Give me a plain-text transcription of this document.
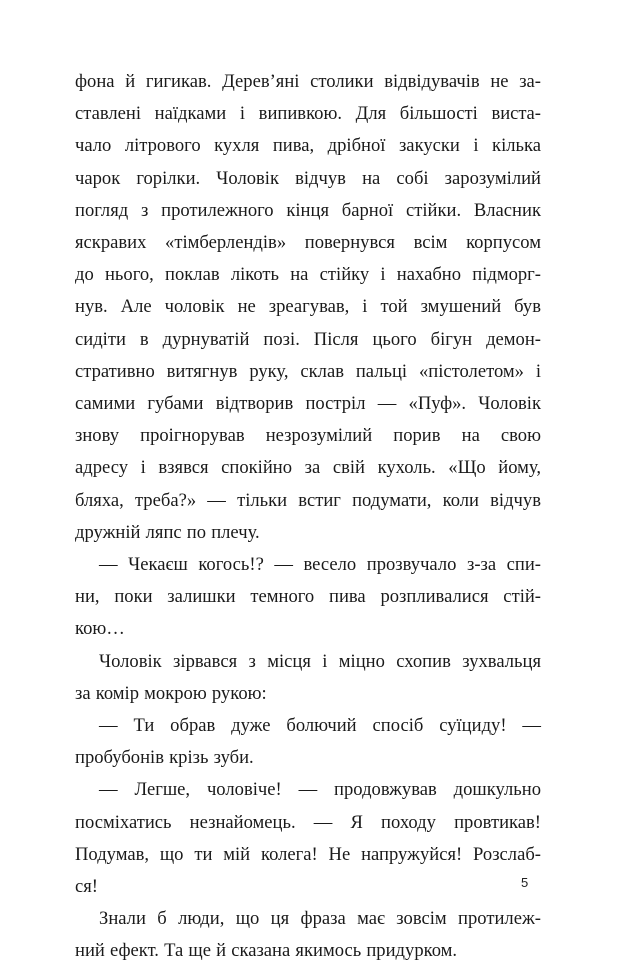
фона й гигикав. Дерев’яні столики відвідувачів не за-
ставлені наїдками і випивкою. Для більшості вистa-
чало літрового кухля пива, дрібної закуски і кілька
чарок горілки. Чоловік відчув на собі зарозумілий
погляд з протилежного кінця барної стійки. Власник
яскравих «тімберлендів» повернувся всім корпусом
до нього, поклав лікоть на стійку і нахабно підморг-
нув. Але чоловік не зреагував, і той змушений був
сидіти в дурнуватій позі. Після цього бігун демон-
стративно витягнув руку, склав пальці «пістолетом» і
самими губами відтворив постріл — «Пуф». Чоловік
знову проігнорував незрозумілий порив на свою
адресу і взявся спокійно за свій кухоль. «Що йому,
бляха, треба?» — тільки встиг подумати, коли відчув
дружній ляпс по плечу.
— Чекаєш когось!? — весело прозвучало з-за спи-
ни, поки залишки темного пива розпливалися стій-
кою…
Чоловік зірвався з місця і міцно схопив зухвальця
за комір мокрою рукою:
— Ти обрав дуже болючий спосіб суїциду! —
пробубонів крізь зуби.
— Легше, чоловіче! — продовжував дошкульно
посміхатись незнайомець. — Я походу провтикав!
Подумав, що ти мій колега! Не напружуйся! Розслаб-
ся!
Знали б люди, що ця фраза має зовсім протилеж-
ний ефект. Та ще й сказана якимось придурком.
5
